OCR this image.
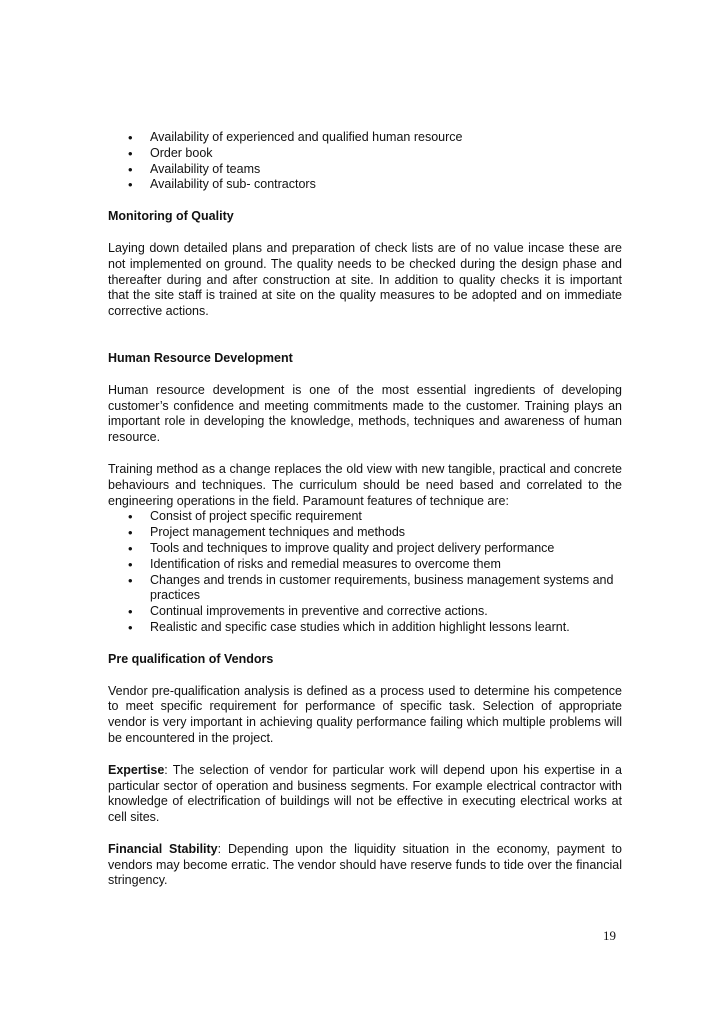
• Availability of experienced and qualified human resource
• Order book
• Availability of teams
• Availability of sub- contractors
Monitoring of Quality

Laying down detailed plans and preparation of check lists are of no value incase these are not implemented on ground. The quality needs to be checked during the design phase and thereafter during and after construction at site. In addition to quality checks it is important that the site staff is trained at site on the quality measures to be adopted and on immediate corrective actions.

Human Resource Development

Human resource development is one of the most essential ingredients of developing customer’s confidence and meeting commitments made to the customer. Training plays an important role in developing the knowledge, methods, techniques and awareness of human resource.

Training method as a change replaces the old view with new tangible, practical and concrete behaviours and techniques. The curriculum should be need based and correlated to the engineering operations in the field. Paramount features of technique are:

• Consist of project specific requirement
• Project management techniques and methods
• Tools and techniques to improve quality and project delivery performance
• Identification of risks and remedial measures to overcome them
• Changes and trends in customer requirements, business management systems and practices
• Continual improvements in preventive and corrective actions.
• Realistic and specific case studies which in addition highlight lessons learnt.
Pre qualification of Vendors

Vendor pre-qualification analysis is defined as a process used to determine his competence to meet specific requirement for performance of specific task. Selection of appropriate vendor is very important in achieving quality performance failing which multiple problems will be encountered in the project.

Expertise: The selection of vendor for particular work will depend upon his expertise in a particular sector of operation and business segments. For example electrical contractor with knowledge of electrification of buildings will not be effective in executing electrical works at cell sites.

Financial Stability: Depending upon the liquidity situation in the economy, payment to vendors may become erratic. The vendor should have reserve funds to tide over the financial stringency.

19
